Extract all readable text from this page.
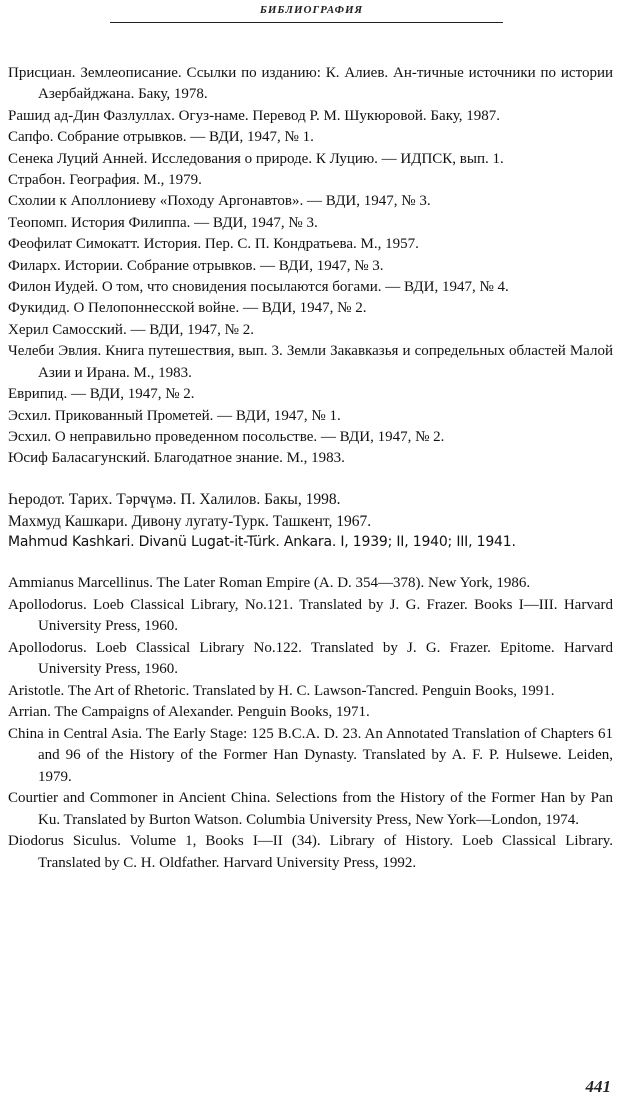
БИБЛИОГРАФИЯ

Присциан. Землеописание. Ссылки по изданию: К. Алиев. Ан-тичные источники по истории Азербайджана. Баку, 1978.

Рашид ад-Дин Фазлуллах. Огуз-наме. Перевод Р. М. Шукюровой. Баку, 1987.

Сапфо. Собрание отрывков. — ВДИ, 1947, № 1.

Сенека Луций Анней. Исследования о природе. К Луцию. — ИДПСК, вып. 1.

Страбон. География. М., 1979.

Схолии к Аполлониеву «Походу Аргонавтов». — ВДИ, 1947, № 3.

Теопомп. История Филиппа. — ВДИ, 1947, № 3.

Феофилат Симокатт. История. Пер. С. П. Кондратьева. М., 1957.

Филарх. Истории. Собрание отрывков. — ВДИ, 1947, № 3.

Филон Иудей. О том, что сновидения посылаются богами. — ВДИ, 1947, № 4.

Фукидид. О Пелопоннесской войне. — ВДИ, 1947, № 2.

Херил Самосский. — ВДИ, 1947, № 2.

Челеби Эвлия. Книга путешествия, вып. 3. Земли Закавказья и сопредельных областей Малой Азии и Ирана. М., 1983.

Еврипид. — ВДИ, 1947, № 2.

Эсхил. Прикованный Прометей. — ВДИ, 1947, № 1.

Эсхил. О неправильно проведенном посольстве. — ВДИ, 1947, № 2.

Юсиф Баласагунский. Благодатное знание. М., 1983.

Һеродот. Тарих. Тәрҹүмә. П. Халилов. Бакы, 1998.

Махмуд Кашкари. Дивону лугату-Турк. Ташкент, 1967.

Mahmud Kashkari. Divanü Lugat-it-Türk. Ankara. I, 1939; II, 1940; III, 1941.

Ammianus Marcellinus. The Later Roman Empire (A. D. 354—378). New York, 1986.

Apollodorus. Loeb Classical Library, No.121. Translated by J. G. Frazer. Books I—III. Harvard University Press, 1960.

Apollodorus. Loeb Classical Library No.122. Translated by J. G. Frazer. Epitome. Harvard University Press, 1960.

Aristotle. The Art of Rhetoric. Translated by H. C. Lawson-Tancred. Penguin Books, 1991.

Arrian. The Campaigns of Alexander. Penguin Books, 1971.

China in Central Asia. The Early Stage: 125 B.C.A. D. 23. An Annotated Translation of Chapters 61 and 96 of the History of the Former Han Dynasty. Translated by A. F. P. Hulsewe. Leiden, 1979.

Courtier and Commoner in Ancient China. Selections from the History of the Former Han by Pan Ku. Translated by Burton Watson. Columbia University Press, New York—London, 1974.

Diodorus Siculus. Volume 1, Books I—II (34). Library of History. Loeb Classical Library. Translated by C. H. Oldfather. Harvard University Press, 1992.

441
